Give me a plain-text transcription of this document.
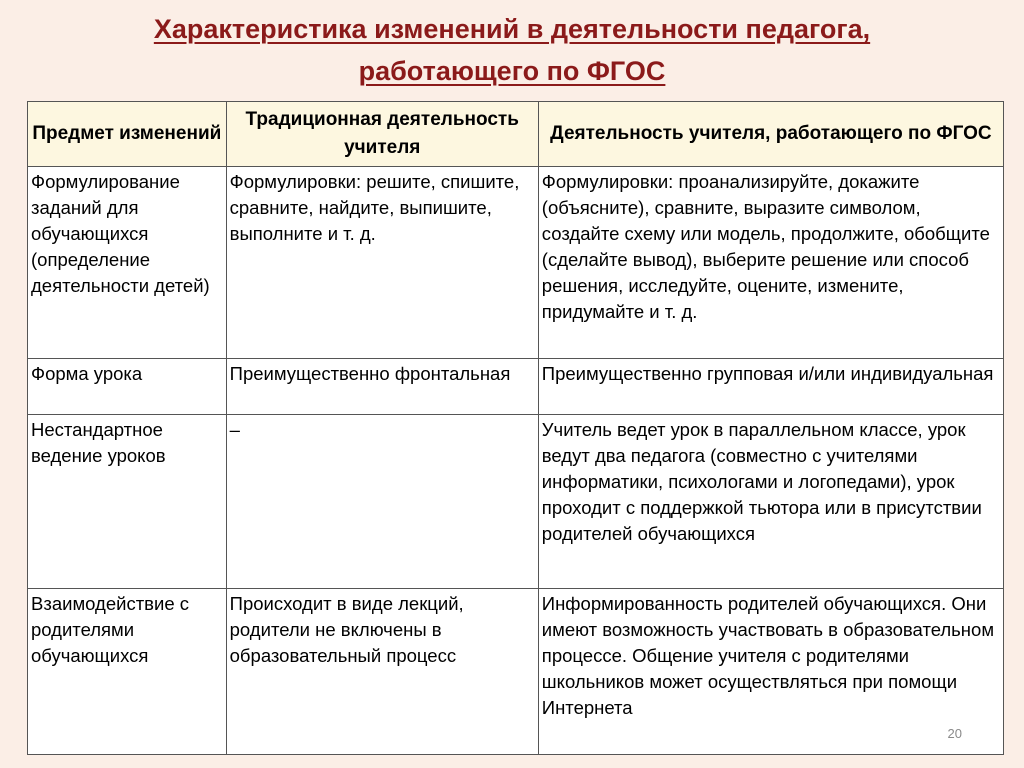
Характеристика изменений в деятельности педагога,
работающего по ФГОС
Предмет изменений	Традиционная деятельность учителя	Деятельность учителя, работающего по ФГОС
Формулирование заданий для обучающихся (определение деятельности детей)	Формулировки: решите, спишите, сравните, найдите, выпишите, выполните и т. д.	Формулировки: проанализируйте, докажите (объясните), сравните, выразите символом, создайте схему или модель, продолжите, обобщите (сделайте вывод), выберите решение или способ решения, исследуйте, оцените, измените, придумайте и т. д.
Форма урока	Преимущественно фронтальная	Преимущественно групповая и/или индивидуальная
Нестандартное ведение уроков	–	Учитель ведет урок в параллельном классе, урок ведут два педагога (совместно с учителями информатики, психологами и логопедами), урок проходит с поддержкой тьютора или в присутствии родителей обучающихся
Взаимодействие с родителями обучающихся	Происходит в виде лекций, родители не включены в образовательный процесс	Информированность родителей обучающихся. Они имеют возможность участвовать в образовательном процессе. Общение учителя с родителями школьников может осуществляться при помощи Интернета
20
